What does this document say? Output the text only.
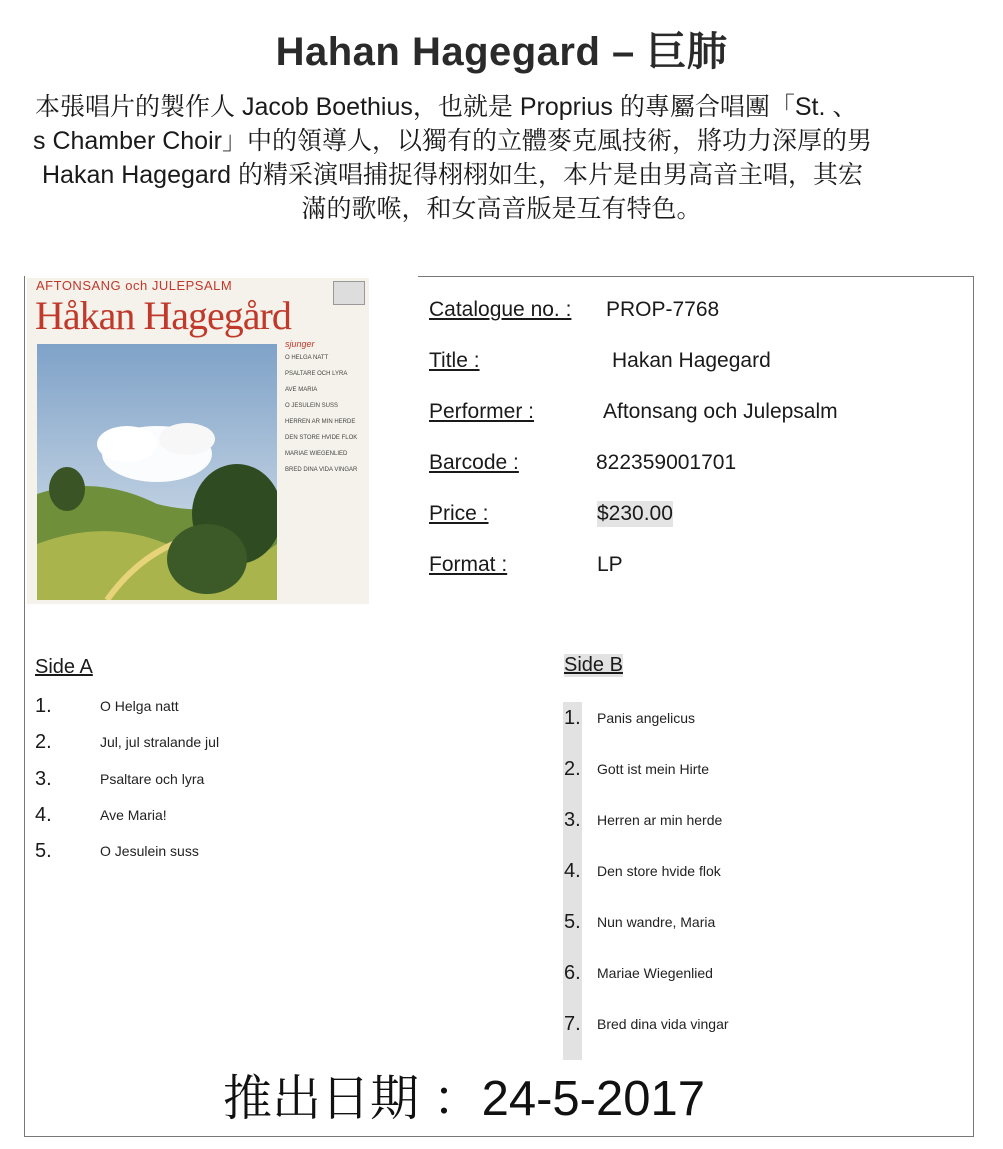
Hahan Hagegard – 巨肺
本張唱片的製作人 Jacob Boethius，也就是 Proprius 的專屬合唱團「St. 、
s Chamber Choir」中的領導人，以獨有的立體麥克風技術，將功力深厚的男
Hakan Hagegard 的精采演唱捕捉得栩栩如生，本片是由男高音主唱，其宏
滿的歌喉，和女高音版是互有特色。
AFTONSANG och JULEPSALM
Håkan Hagegård
sjunger
O HELGA NATT
PSALTARE OCH LYRA
AVE MARIA
O JESULEIN SUSS
HERREN AR MIN HERDE
DEN STORE HVIDE FLOK
MARIAE WIEGENLIED
BRED DINA VIDA VINGAR
Catalogue no. : PROP-7768
Title :	Hakan Hagegard
Performer :	Aftonsang och Julepsalm
Barcode :	822359001701
Price :	$230.00
Format :	LP
Side A
1.	O Helga natt
2.	Jul, jul stralande jul
3.	Psaltare och lyra
4.	Ave Maria!
5.	O Jesulein suss
Side B
1. Panis angelicus
2. Gott ist mein Hirte
3. Herren ar min herde
4. Den store hvide flok
5. Nun wandre, Maria
6. Mariae Wiegenlied
7. Bred dina vida vingar
推出日期 ：24-5-2017
